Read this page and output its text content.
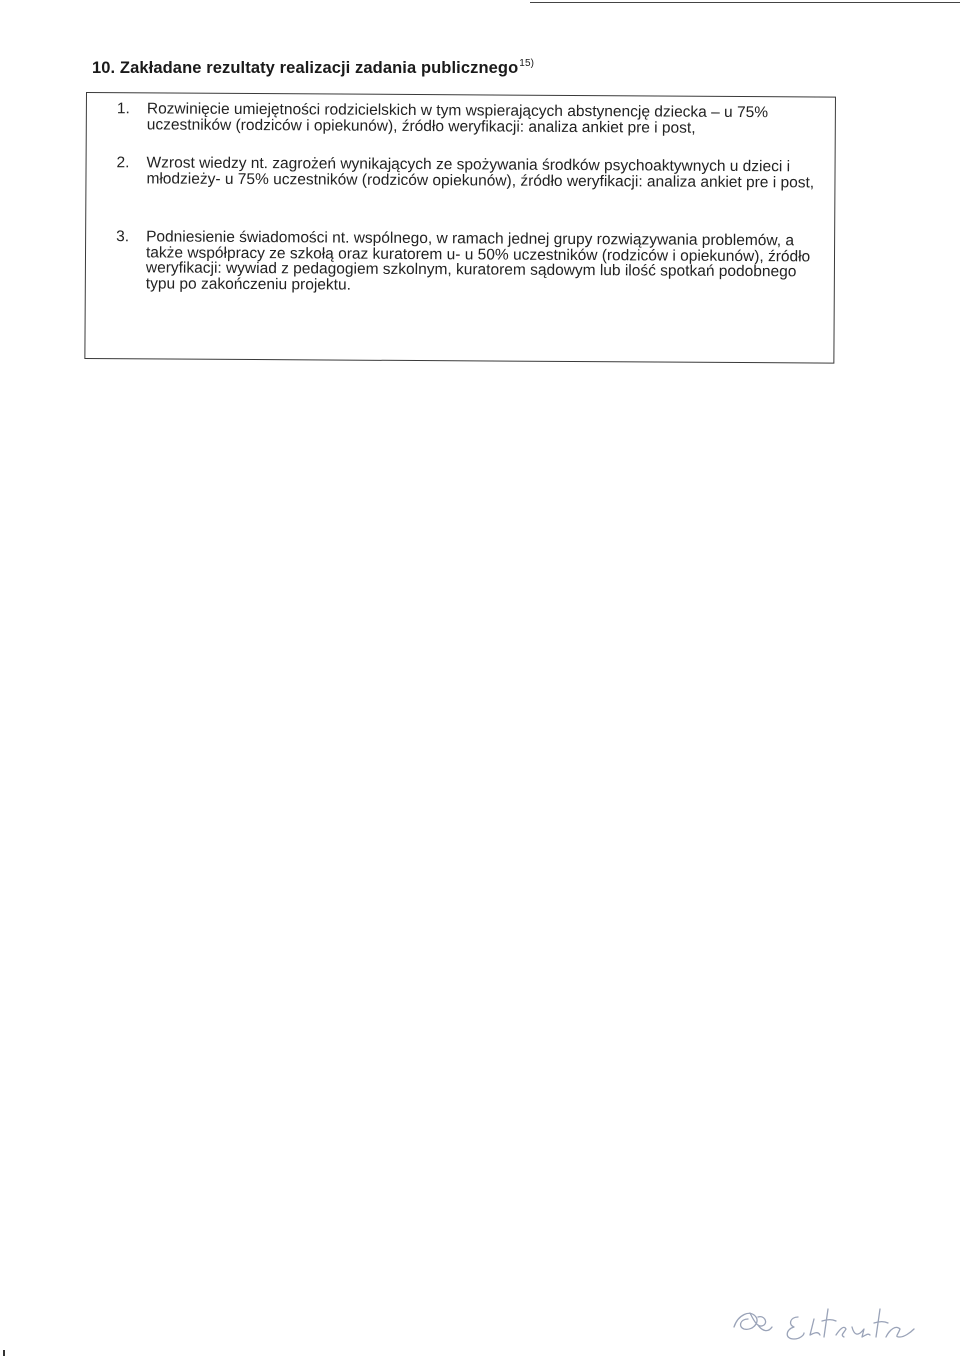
10. Zakładane rezultaty realizacji zadania publicznego$^{15)}$
1. Rozwinięcie umiejętności rodzicielskich w tym wspierających abstynencję dziecka – u 75% uczestników (rodziców i opiekunów), źródło weryfikacji: analiza ankiet pre i post,
2. Wzrost wiedzy nt. zagrożeń wynikających ze spożywania środków psychoaktywnych u dzieci i młodzieży- u 75% uczestników (rodziców opiekunów), źródło weryfikacji: analiza ankiet pre i post,
3. Podniesienie świadomości nt. wspólnego, w ramach jednej grupy rozwiązywania problemów, a także współpracy ze szkołą oraz kuratorem u- u 50% uczestników (rodziców i opiekunów), źródło weryfikacji: wywiad z pedagogiem szkolnym, kuratorem sądowym lub ilość spotkań podobnego typu po zakończeniu projektu.
